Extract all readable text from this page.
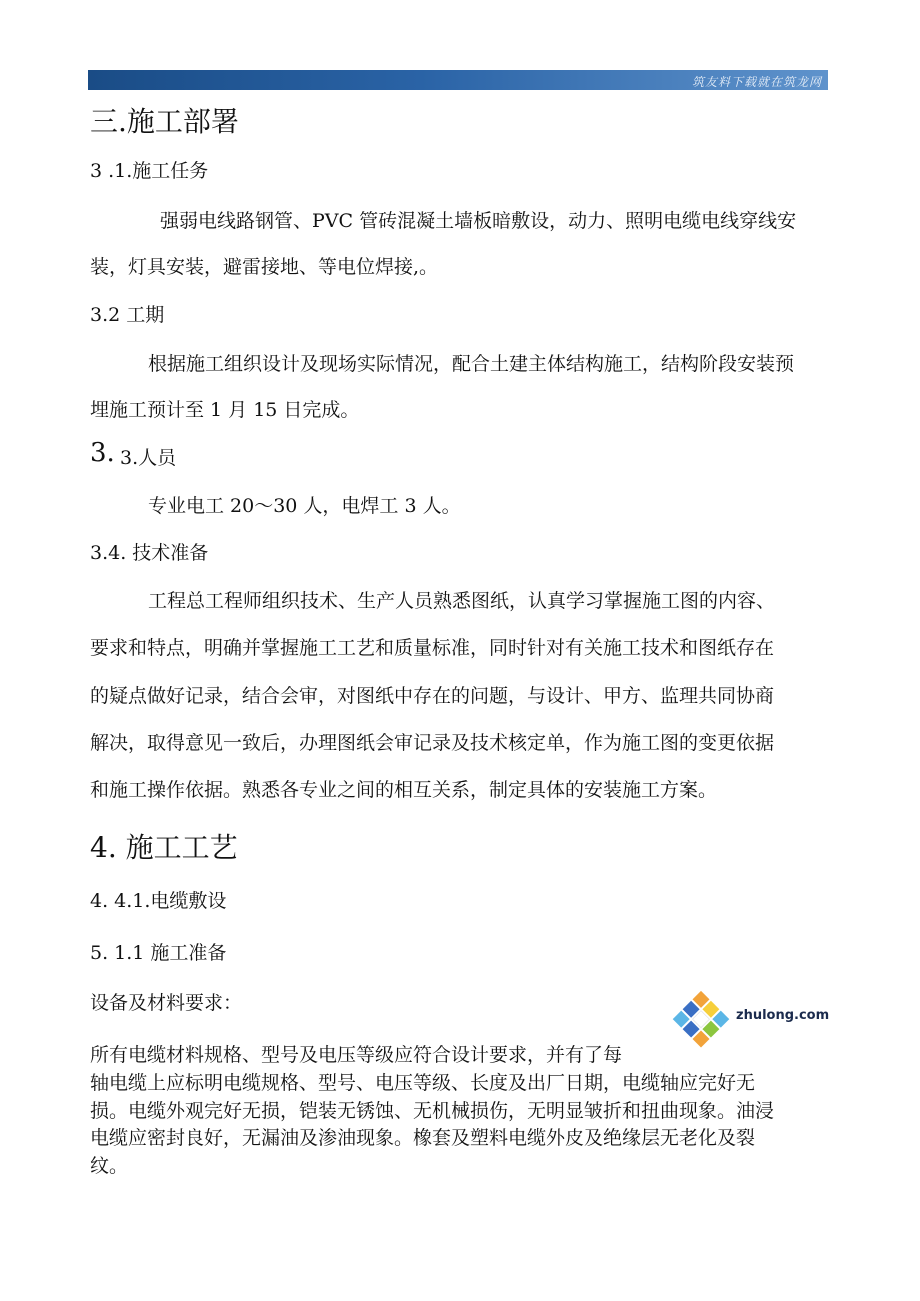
筑友料下载就在筑龙网
三.施工部署
3 .1.施工任务
强弱电线路钢管、PVC 管砖混凝土墙板暗敷设，动力、照明电缆电线穿线安
装，灯具安装，避雷接地、等电位焊接,。
3.2 工期
根据施工组织设计及现场实际情况，配合土建主体结构施工，结构阶段安装预
埋施工预计至 1 月 15 日完成。
3. 3.人员
专业电工 20～30 人，电焊工 3 人。
3.4. 技术准备
工程总工程师组织技术、生产人员熟悉图纸，认真学习掌握施工图的内容、
要求和特点，明确并掌握施工工艺和质量标准，同时针对有关施工技术和图纸存在
的疑点做好记录，结合会审，对图纸中存在的问题，与设计、甲方、监理共同协商
解决，取得意见一致后，办理图纸会审记录及技术核定单，作为施工图的变更依据
和施工操作依据。熟悉各专业之间的相互关系，制定具体的安装施工方案。
4. 施工工艺
4. 4.1.电缆敷设
5. 1.1 施工准备
设备及材料要求：
所有电缆材料规格、型号及电压等级应符合设计要求，并有了每
轴电缆上应标明电缆规格、型号、电压等级、长度及出厂日期，电缆轴应完好无
损。电缆外观完好无损，铠装无锈蚀、无机械损伤，无明显皱折和扭曲现象。油浸
电缆应密封良好，无漏油及渗油现象。橡套及塑料电缆外皮及绝缘层无老化及裂
纹。
zhulong.com
